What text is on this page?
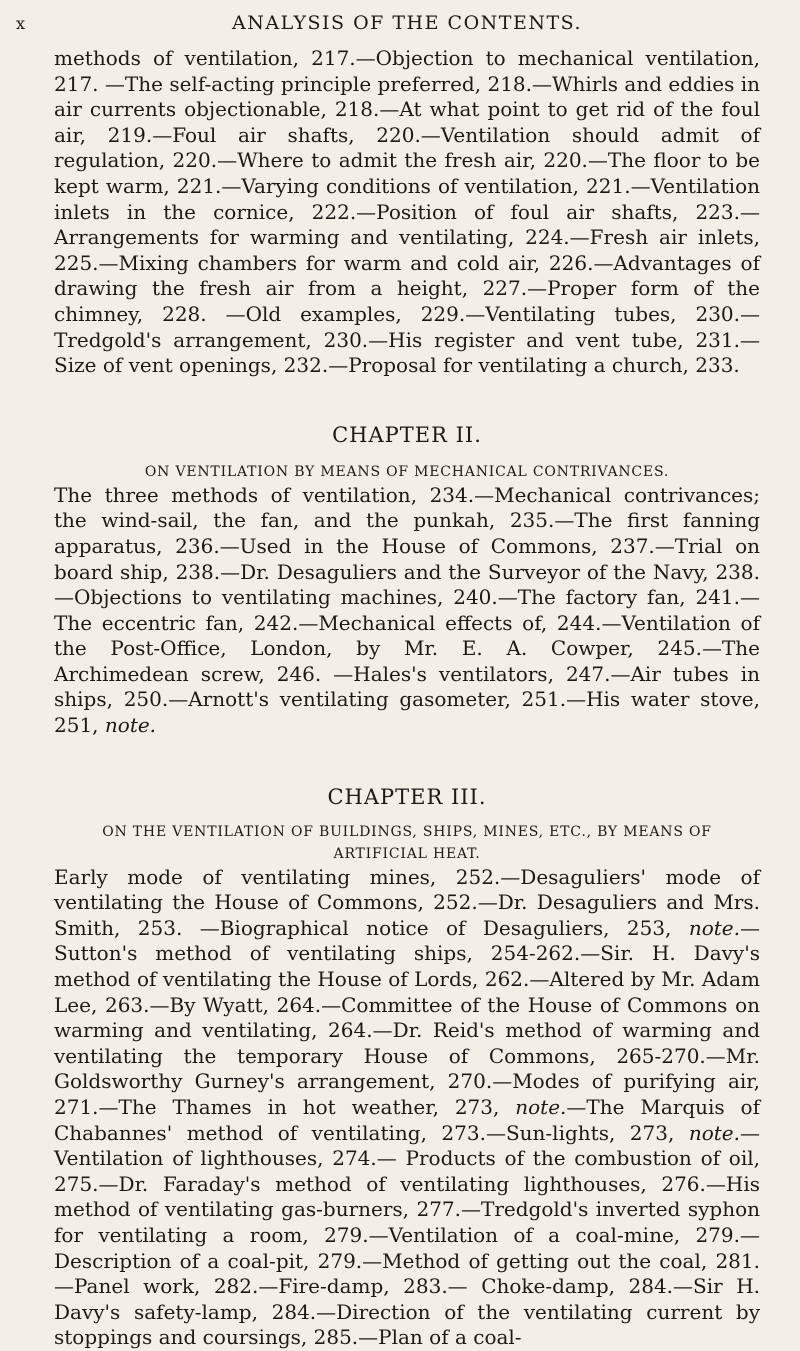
x	ANALYSIS OF THE CONTENTS.

methods of ventilation, 217.—Objection to mechanical ventilation, 217. —The self-acting principle preferred, 218.—Whirls and eddies in air currents objectionable, 218.—At what point to get rid of the foul air, 219.—Foul air shafts, 220.—Ventilation should admit of regulation, 220.—Where to admit the fresh air, 220.—The floor to be kept warm, 221.—Varying conditions of ventilation, 221.—Ventilation inlets in the cornice, 222.—Position of foul air shafts, 223.—Arrangements for warming and ventilating, 224.—Fresh air inlets, 225.—Mixing chambers for warm and cold air, 226.—Advantages of drawing the fresh air from a height, 227.—Proper form of the chimney, 228. —Old examples, 229.—Ventilating tubes, 230.—Tredgold's arrangement, 230.—His register and vent tube, 231.—Size of vent openings, 232.—Proposal for ventilating a church, 233.

CHAPTER II.

ON VENTILATION BY MEANS OF MECHANICAL CONTRIVANCES.

The three methods of ventilation, 234.—Mechanical contrivances; the wind-sail, the fan, and the punkah, 235.—The first fanning apparatus, 236.—Used in the House of Commons, 237.—Trial on board ship, 238.—Dr. Desaguliers and the Surveyor of the Navy, 238.—Objections to ventilating machines, 240.—The factory fan, 241.—The eccentric fan, 242.—Mechanical effects of, 244.—Ventilation of the Post-Office, London, by Mr. E. A. Cowper, 245.—The Archimedean screw, 246. —Hales's ventilators, 247.—Air tubes in ships, 250.—Arnott's ventilating gasometer, 251.—His water stove, 251, note.

CHAPTER III.

ON THE VENTILATION OF BUILDINGS, SHIPS, MINES, ETC., BY MEANS OF ARTIFICIAL HEAT.

Early mode of ventilating mines, 252.—Desaguliers' mode of ventilating the House of Commons, 252.—Dr. Desaguliers and Mrs. Smith, 253. —Biographical notice of Desaguliers, 253, note.—Sutton's method of ventilating ships, 254-262.—Sir. H. Davy's method of ventilating the House of Lords, 262.—Altered by Mr. Adam Lee, 263.—By Wyatt, 264.—Committee of the House of Commons on warming and ventilating, 264.—Dr. Reid's method of warming and ventilating the temporary House of Commons, 265-270.—Mr. Goldsworthy Gurney's arrangement, 270.—Modes of purifying air, 271.—The Thames in hot weather, 273, note.—The Marquis of Chabannes' method of ventilating, 273.—Sun-lights, 273, note.—Ventilation of lighthouses, 274.— Products of the combustion of oil, 275.—Dr. Faraday's method of ventilating lighthouses, 276.—His method of ventilating gas-burners, 277.—Tredgold's inverted syphon for ventilating a room, 279.—Ventilation of a coal-mine, 279.—Description of a coal-pit, 279.—Method of getting out the coal, 281.—Panel work, 282.—Fire-damp, 283.— Choke-damp, 284.—Sir H. Davy's safety-lamp, 284.—Direction of the ventilating current by stoppings and coursings, 285.—Plan of a coal-
